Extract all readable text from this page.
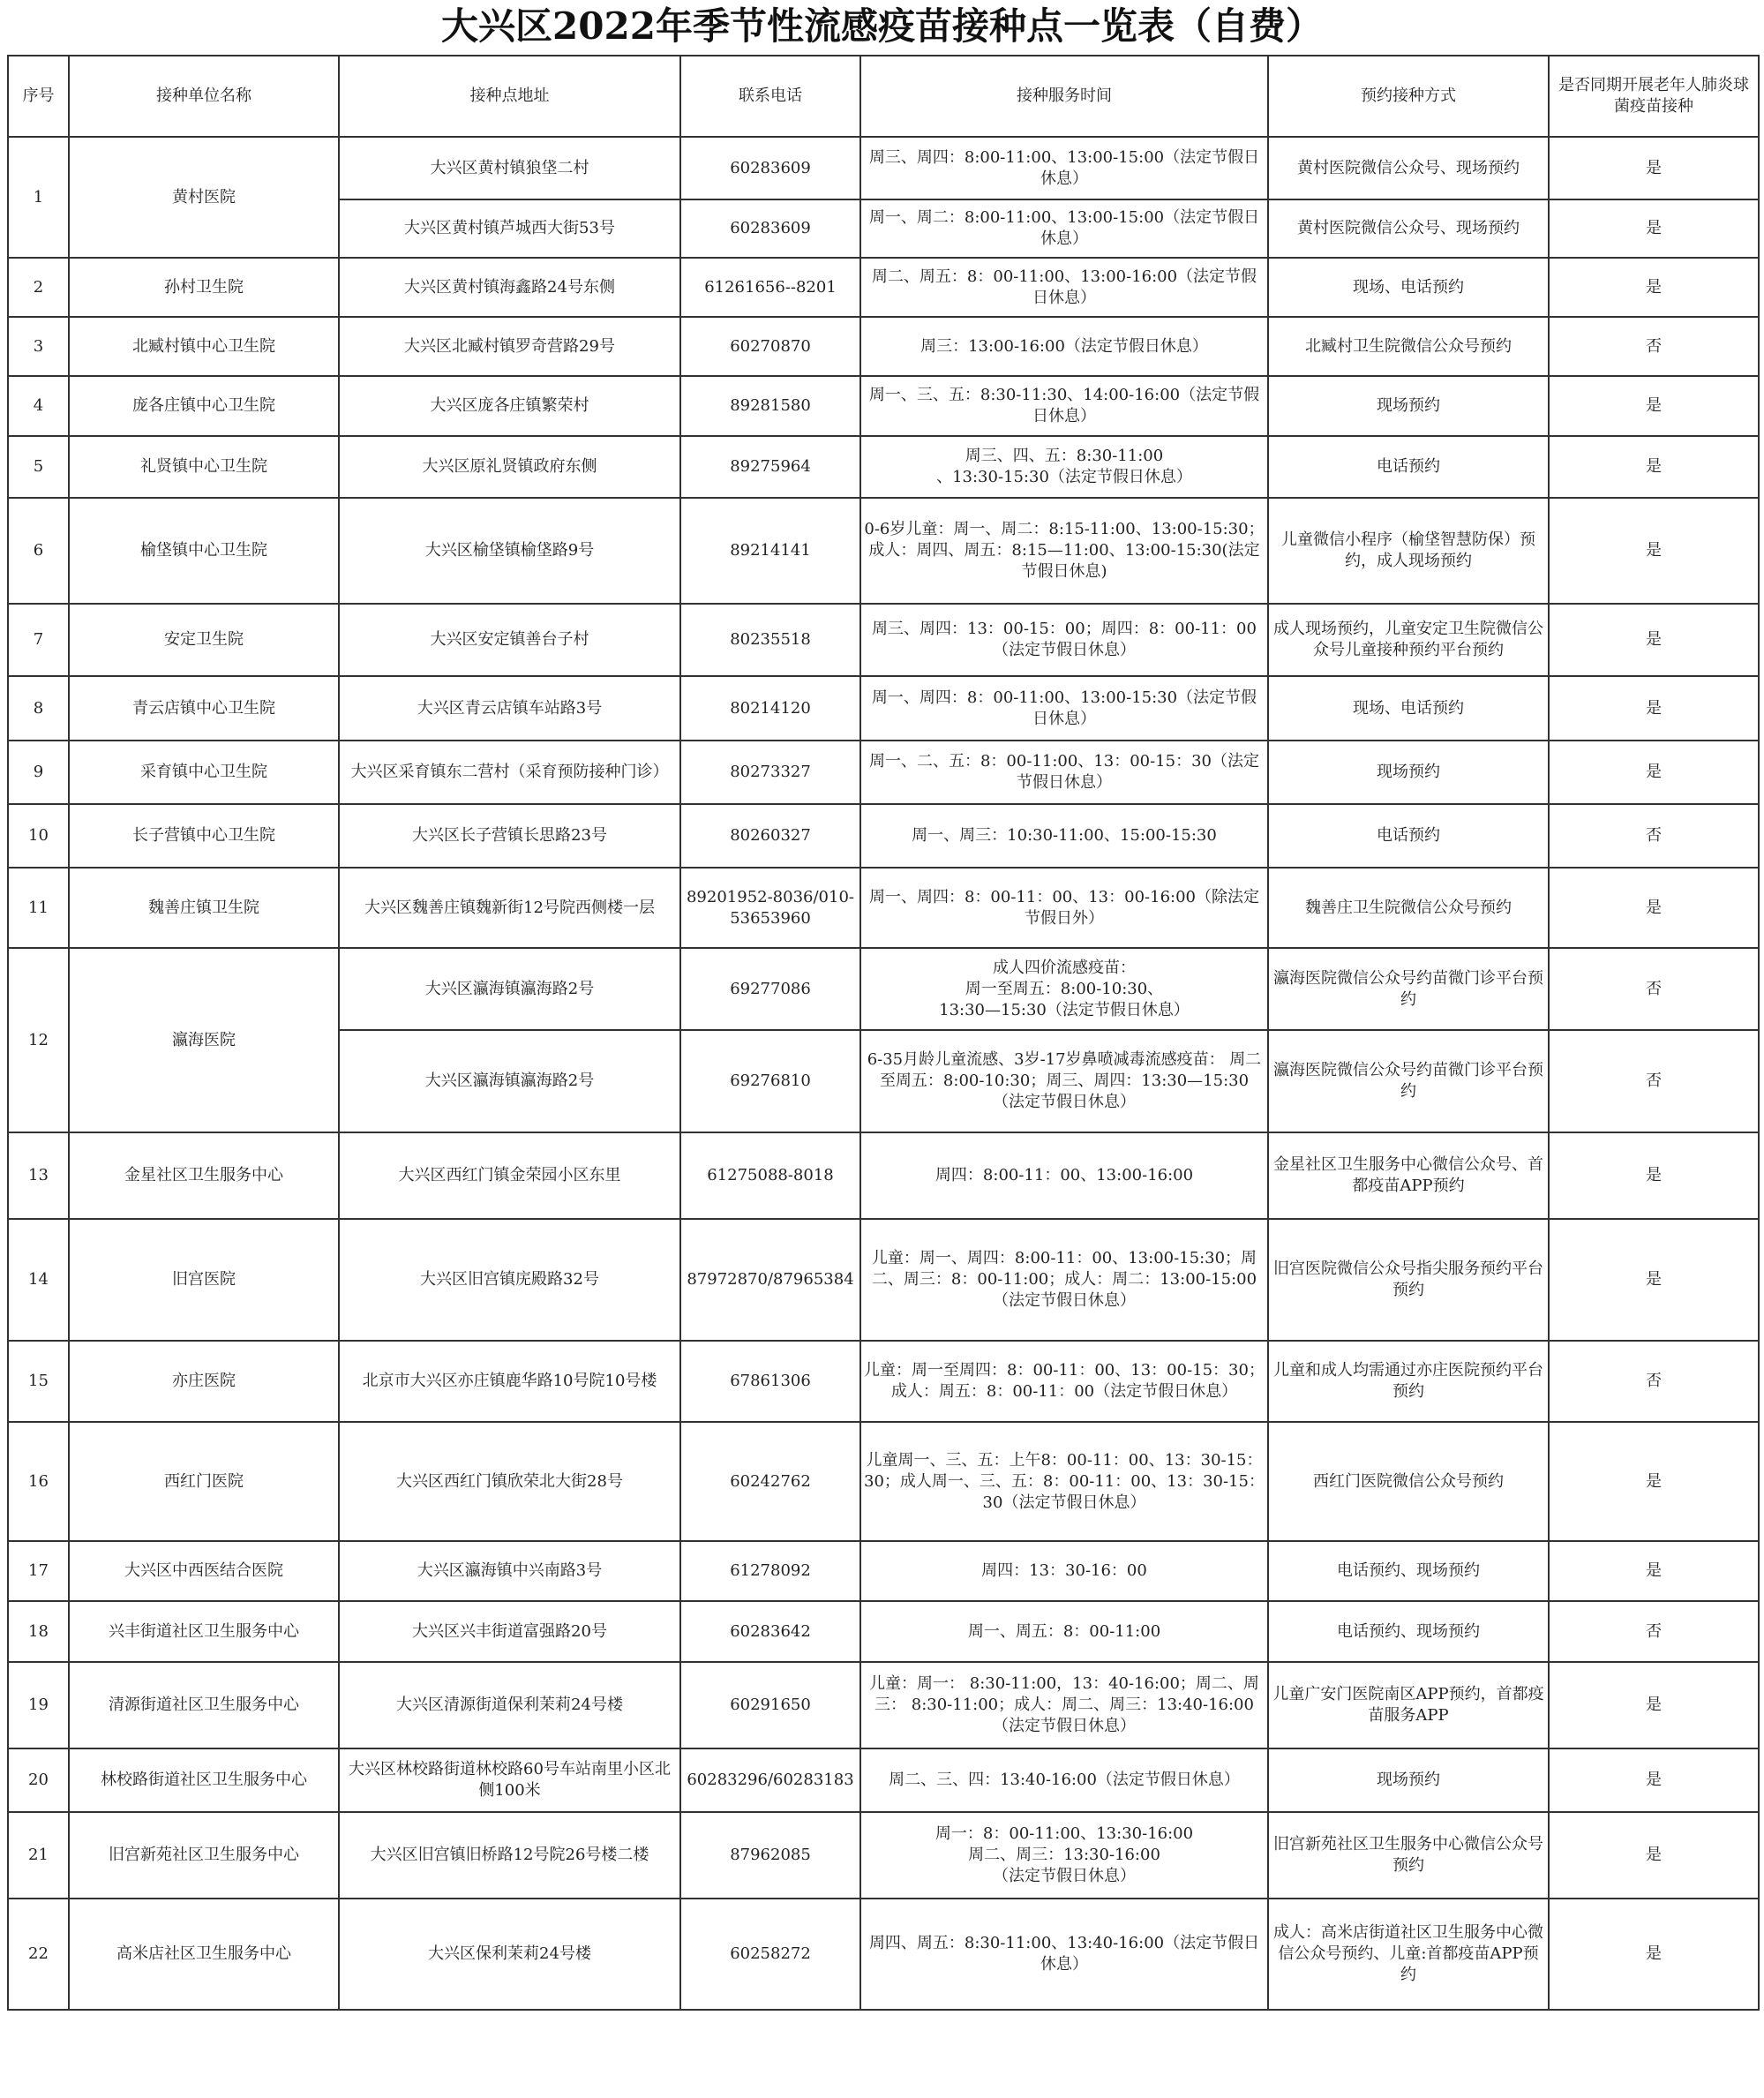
大兴区2022年季节性流感疫苗接种点一览表（自费）
序号	接种单位名称	接种点地址	联系电话	接种服务时间	预约接种方式	是否同期开展老年人肺炎球菌疫苗接种
1	黄村医院	大兴区黄村镇狼垡二村	60283609	周三、周四：8:00-11:00、13:00-15:00（法定节假日休息）	黄村医院微信公众号、现场预约	是
		大兴区黄村镇芦城西大街53号	60283609	周一、周二：8:00-11:00、13:00-15:00（法定节假日休息）	黄村医院微信公众号、现场预约	是
2	孙村卫生院	大兴区黄村镇海鑫路24号东侧	61261656--8201	周二、周五：8：00-11:00、13:00-16:00（法定节假日休息）	现场、电话预约	是
3	北臧村镇中心卫生院	大兴区北臧村镇罗奇营路29号	60270870	周三：13:00-16:00（法定节假日休息）	北臧村卫生院微信公众号预约	否
4	庞各庄镇中心卫生院	大兴区庞各庄镇繁荣村	89281580	周一、三、五：8:30-11:30、14:00-16:00（法定节假日休息）	现场预约	是
5	礼贤镇中心卫生院	大兴区原礼贤镇政府东侧	89275964	周三、四、五：8:30-11:00
、13:30-15:30（法定节假日休息）	电话预约	是
6	榆垡镇中心卫生院	大兴区榆垡镇榆垡路9号	89214141	0-6岁儿童：周一、周二：8:15-11:00、13:00-15:30；成人：周四、周五：8:15—11:00、13:00-15:30(法定节假日休息)	儿童微信小程序（榆垡智慧防保）预约，成人现场预约	是
7	安定卫生院	大兴区安定镇善台子村	80235518	周三、周四：13：00-15：00；周四：8：00-11：00（法定节假日休息）	成人现场预约，儿童安定卫生院微信公众号儿童接种预约平台预约	是
8	青云店镇中心卫生院	大兴区青云店镇车站路3号	80214120	周一、周四：8：00-11:00、13:00-15:30（法定节假日休息）	现场、电话预约	是
9	采育镇中心卫生院	大兴区采育镇东二营村（采育预防接种门诊）	80273327	周一、二、五：8：00-11:00、13：00-15：30（法定节假日休息）	现场预约	是
10	长子营镇中心卫生院	大兴区长子营镇长思路23号	80260327	周一、周三：10:30-11:00、15:00-15:30	电话预约	否
11	魏善庄镇卫生院	大兴区魏善庄镇魏新街12号院西侧楼一层	89201952-8036/010-53653960	周一、周四：8：00-11：00、13：00-16:00（除法定节假日外）	魏善庄卫生院微信公众号预约	是
12	瀛海医院	大兴区瀛海镇瀛海路2号	69277086	成人四价流感疫苗：
周一至周五：8:00-10:30、
13:30—15:30（法定节假日休息）	瀛海医院微信公众号约苗微门诊平台预约	否
		大兴区瀛海镇瀛海路2号	69276810	6-35月龄儿童流感、3岁-17岁鼻喷减毒流感疫苗： 周二至周五：8:00-10:30；周三、周四：13:30—15:30（法定节假日休息）	瀛海医院微信公众号约苗微门诊平台预约	否
13	金星社区卫生服务中心	大兴区西红门镇金荣园小区东里	61275088-8018	周四：8:00-11：00、13:00-16:00	金星社区卫生服务中心微信公众号、首都疫苗APP预约	是
14	旧宫医院	大兴区旧宫镇庑殿路32号	87972870/87965384	儿童：周一、周四：8:00-11：00、13:00-15:30；周二、周三：8：00-11:00；成人：周二：13:00-15:00（法定节假日休息）	旧宫医院微信公众号指尖服务预约平台预约	是
15	亦庄医院	北京市大兴区亦庄镇鹿华路10号院10号楼	67861306	儿童：周一至周四：8：00-11：00、13：00-15：30；成人：周五：8：00-11：00（法定节假日休息）	儿童和成人均需通过亦庄医院预约平台预约	否
16	西红门医院	大兴区西红门镇欣荣北大街28号	60242762	儿童周一、三、五：上午8：00-11：00、13：30-15：30；成人周一、三、五：8：00-11：00、13：30-15：30（法定节假日休息）	西红门医院微信公众号预约	是
17	大兴区中西医结合医院	大兴区瀛海镇中兴南路3号	61278092	周四：13：30-16：00	电话预约、现场预约	是
18	兴丰街道社区卫生服务中心	大兴区兴丰街道富强路20号	60283642	周一、周五：8：00-11:00	电话预约、现场预约	否
19	清源街道社区卫生服务中心	大兴区清源街道保利茉莉24号楼	60291650	儿童：周一： 8:30-11:00，13：40-16:00；周二、周三： 8:30-11:00；成人：周二、周三：13:40-16:00（法定节假日休息）	儿童广安门医院南区APP预约，首都疫苗服务APP	是
20	林校路街道社区卫生服务中心	大兴区林校路街道林校路60号车站南里小区北侧100米	60283296/60283183	周二、三、四：13:40-16:00（法定节假日休息）	现场预约	是
21	旧宫新苑社区卫生服务中心	大兴区旧宫镇旧桥路12号院26号楼二楼	87962085	周一：8：00-11:00、13:30-16:00
周二、周三：13:30-16:00
（法定节假日休息）	旧宫新苑社区卫生服务中心微信公众号预约	是
22	高米店社区卫生服务中心	大兴区保利茉莉24号楼	60258272	周四、周五：8:30-11:00、13:40-16:00（法定节假日休息）	成人：高米店街道社区卫生服务中心微信公众号预约、儿童:首都疫苗APP预约	是
